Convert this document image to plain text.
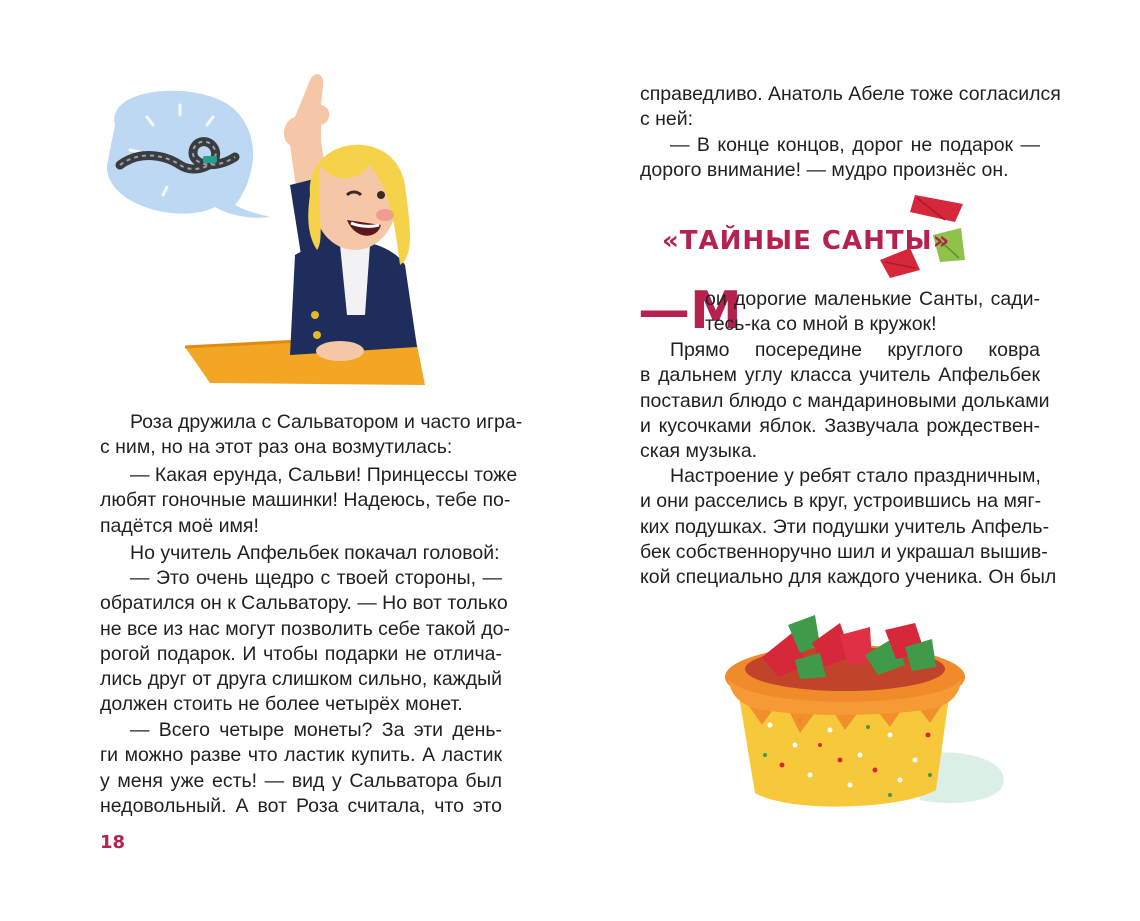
Роза дружила с Сальватором и часто игра-
с ним, но на этот раз она возмутилась:
— Какая ерунда, Сальви! Принцессы тоже
любят гоночные машинки! Надеюсь, тебе по-
падётся моё имя!
Но учитель Апфельбек покачал головой:
— Это очень щедро с твоей стороны, —
обратился он к Сальватору. — Но вот только
не все из нас могут позволить себе такой до-
рогой подарок. И чтобы подарки не отлича-
лись друг от друга слишком сильно, каждый
должен стоить не более четырёх монет.
— Всего четыре монеты? За эти день-
ги можно разве что ластик купить. А ластик
у меня уже есть! — вид у Сальватора был
недовольный. А вот Роза считала, что это
18
справедливо. Анатоль Абеле тоже согласился
с ней:
— В конце концов, дорог не подарок —
дорого внимание! — мудро произнёс он.
«ТАЙНЫЕ САНТЫ»
—М
ои дорогие маленькие Санты, сади-
тесь-ка со мной в кружок!
Прямо посередине круглого ковра
в дальнем углу класса учитель Апфельбек
поставил блюдо с мандариновыми дольками
и кусочками яблок. Зазвучала рождествен-
ская музыка.
Настроение у ребят стало праздничным,
и они расселись в круг, устроившись на мяг-
ких подушках. Эти подушки учитель Апфель-
бек собственноручно шил и украшал вышив-
кой специально для каждого ученика. Он был
